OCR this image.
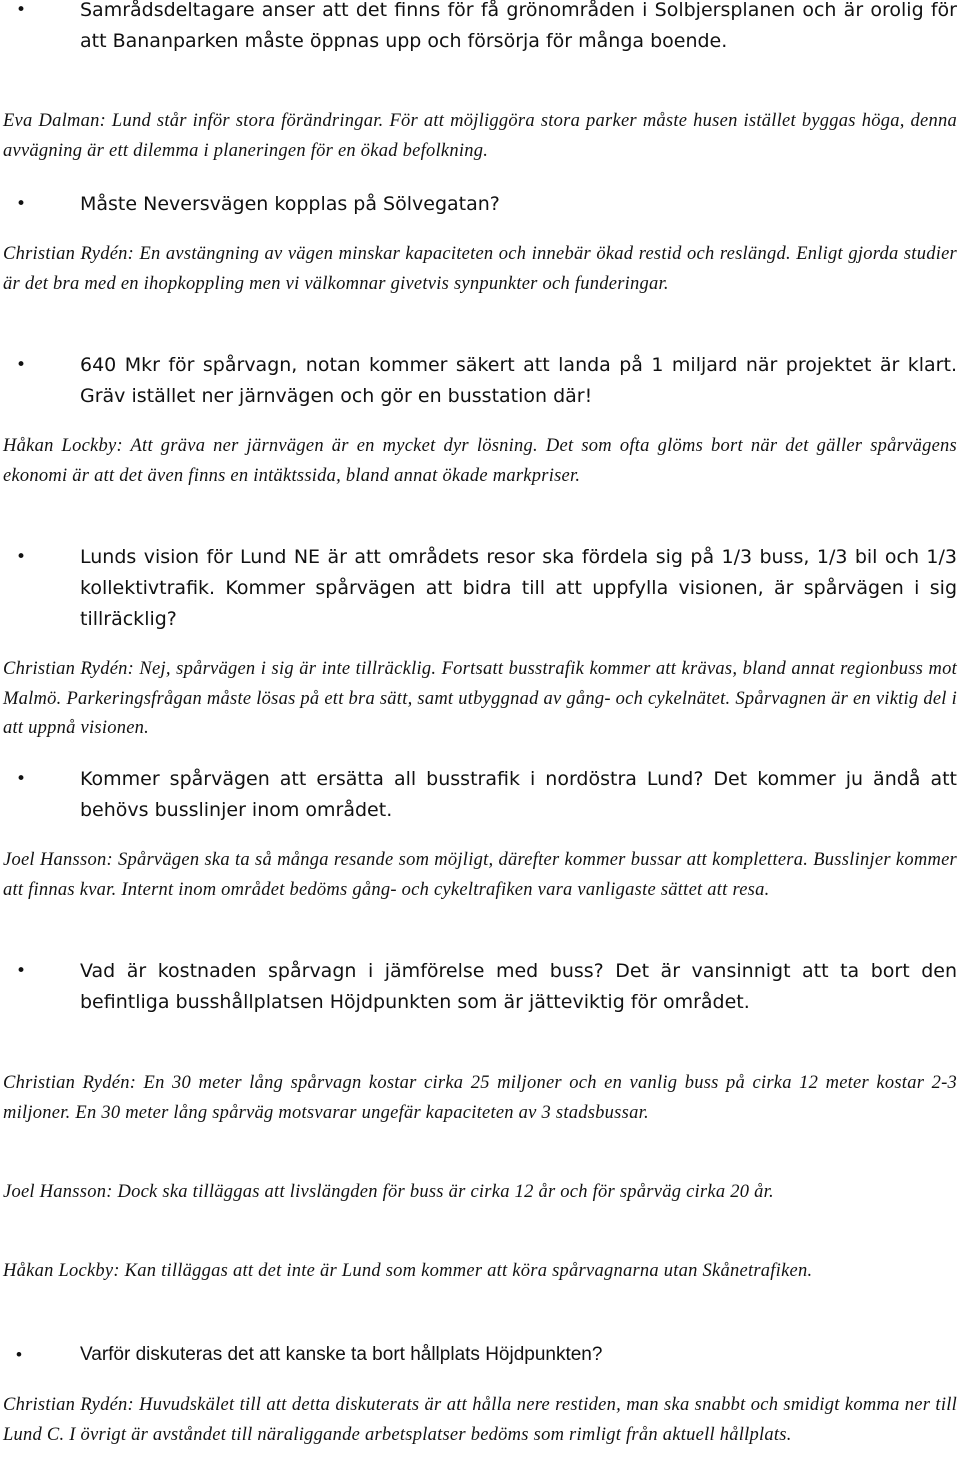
•	Samrådsdeltagare anser att det finns för få grönområden i Solbjersplanen och är orolig för att Bananparken måste öppnas upp och försörja för många boende.
Eva Dalman: Lund står inför stora förändringar. För att möjliggöra stora parker måste husen istället byggas höga, denna avvägning är ett dilemma i planeringen för en ökad befolkning.
•	Måste Neversvägen kopplas på Sölvegatan?
Christian Rydén: En avstängning av vägen minskar kapaciteten och innebär ökad restid och reslängd. Enligt gjorda studier är det bra med en ihopkoppling men vi välkomnar givetvis synpunkter och funderingar.
•	640 Mkr för spårvagn, notan kommer säkert att landa på 1 miljard när projektet är klart. Gräv istället ner järnvägen och gör en busstation där!
Håkan Lockby: Att gräva ner järnvägen är en mycket dyr lösning. Det som ofta glöms bort när det gäller spårvägens ekonomi är att det även finns en intäktssida, bland annat ökade markpriser.
•	Lunds vision för Lund NE är att områdets resor ska fördela sig på 1/3 buss, 1/3 bil och 1/3 kollektivtrafik. Kommer spårvägen att bidra till att uppfylla visionen, är spårvägen i sig tillräcklig?
Christian Rydén: Nej, spårvägen i sig är inte tillräcklig. Fortsatt busstrafik kommer att krävas, bland annat regionbuss mot Malmö. Parkeringsfrågan måste lösas på ett bra sätt, samt utbyggnad av gång- och cykelnätet. Spårvagnen är en viktig del i att uppnå visionen.
•	Kommer spårvägen att ersätta all busstrafik i nordöstra Lund? Det kommer ju ändå att behövs busslinjer inom området.
Joel Hansson: Spårvägen ska ta så många resande som möjligt, därefter kommer bussar att komplettera. Busslinjer kommer att finnas kvar. Internt inom området bedöms gång- och cykeltrafiken vara vanligaste sättet att resa.
•	Vad är kostnaden spårvagn i jämförelse med buss? Det är vansinnigt att ta bort den befintliga busshållplatsen Höjdpunkten som är jätteviktig för området.
Christian Rydén: En 30 meter lång spårvagn kostar cirka 25 miljoner och en vanlig buss på cirka 12 meter kostar 2-3 miljoner. En 30 meter lång spårväg motsvarar ungefär kapaciteten av 3 stadsbussar.
Joel Hansson: Dock ska tilläggas att livslängden för buss är cirka 12 år och för spårväg cirka 20 år.
Håkan Lockby: Kan tilläggas att det inte är Lund som kommer att köra spårvagnarna utan Skånetrafiken.
•	Varför diskuteras det att kanske ta bort hållplats Höjdpunkten?
Christian Rydén: Huvudskälet till att detta diskuterats är att hålla nere restiden, man ska snabbt och smidigt komma ner till Lund C. I övrigt är avståndet till näraliggande arbetsplatser bedöms som rimligt från aktuell hållplats.
